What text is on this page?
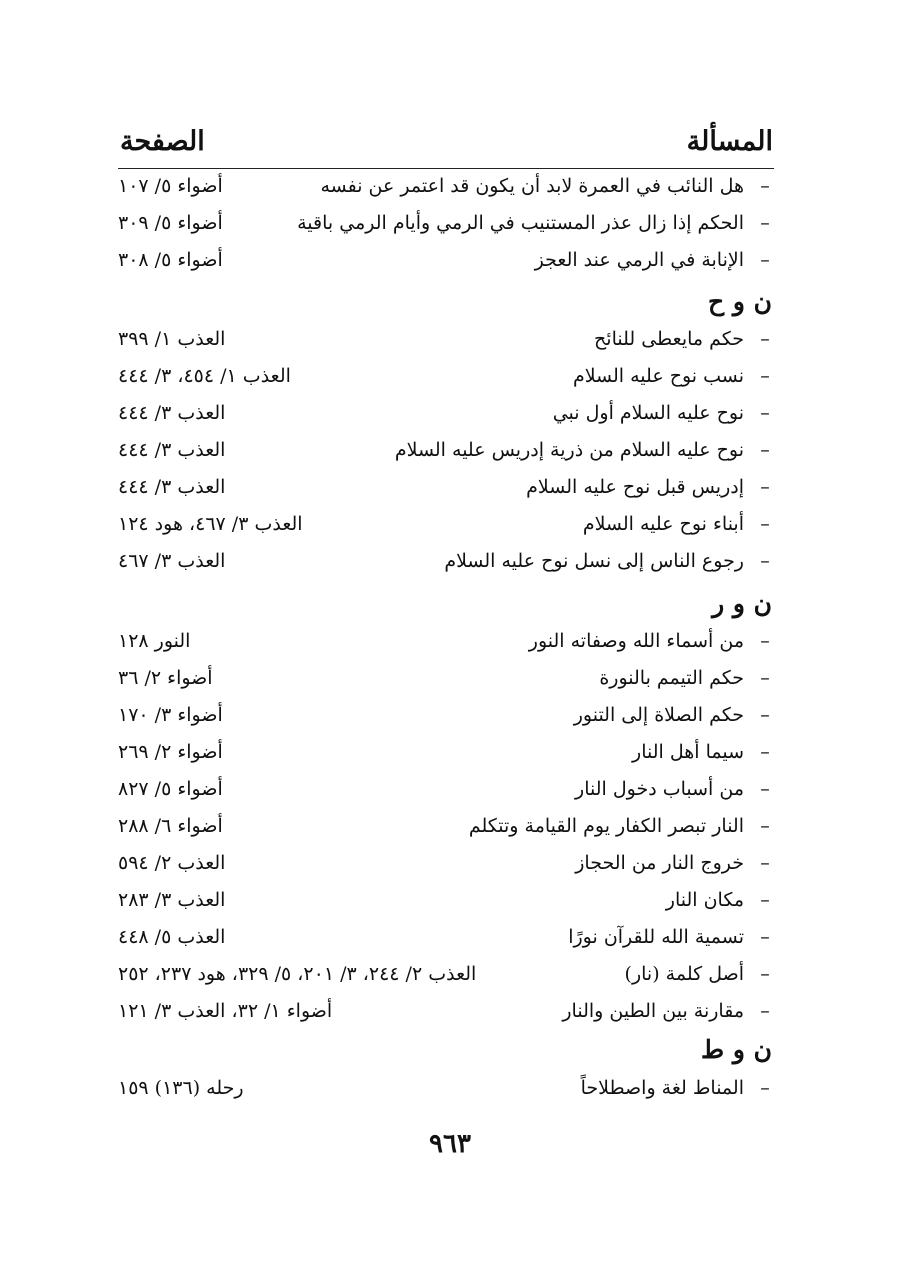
المسألة
الصفحة
–
هل النائب في العمرة لابد أن يكون قد اعتمر عن نفسه
أضواء ٥/ ١٠٧
–
الحكم إذا زال عذر المستنيب في الرمي وأيام الرمي باقية
أضواء ٥/ ٣٠٩
–
الإنابة في الرمي عند العجز
أضواء ٥/ ٣٠٨
ن و ح
–
حكم مايعطى للنائح
العذب ١/ ٣٩٩
–
نسب نوح عليه السلام
العذب ١/ ٤٥٤، ٣/ ٤٤٤
–
نوح عليه السلام أول نبي
العذب ٣/ ٤٤٤
–
نوح عليه السلام من ذرية إدريس عليه السلام
العذب ٣/ ٤٤٤
–
إدريس قبل نوح عليه السلام
العذب ٣/ ٤٤٤
–
أبناء نوح عليه السلام
العذب ٣/ ٤٦٧، هود ١٢٤
–
رجوع الناس إلى نسل نوح عليه السلام
العذب ٣/ ٤٦٧
ن و ر
–
من أسماء الله وصفاته النور
النور ١٢٨
–
حكم التيمم بالنورة
أضواء ٢/ ٣٦
–
حكم الصلاة إلى التنور
أضواء ٣/ ١٧٠
–
سيما أهل النار
أضواء ٢/ ٢٦٩
–
من أسباب دخول النار
أضواء ٥/ ٨٢٧
–
النار تبصر الكفار يوم القيامة وتتكلم
أضواء ٦/ ٢٨٨
–
خروج النار من الحجاز
العذب ٢/ ٥٩٤
–
مكان النار
العذب ٣/ ٢٨٣
–
تسمية الله للقرآن نورًا
العذب ٥/ ٤٤٨
–
أصل كلمة (نار)
العذب ٢/ ٢٤٤، ٣/ ٢٠١، ٥/ ٣٢٩، هود ٢٣٧، ٢٥٢
–
مقارنة بين الطين والنار
أضواء ١/ ٣٢، العذب ٣/ ١٢١
ن و ط
–
المناط لغة واصطلاحاً
رحله (١٣٦) ١٥٩
٩٦٣
